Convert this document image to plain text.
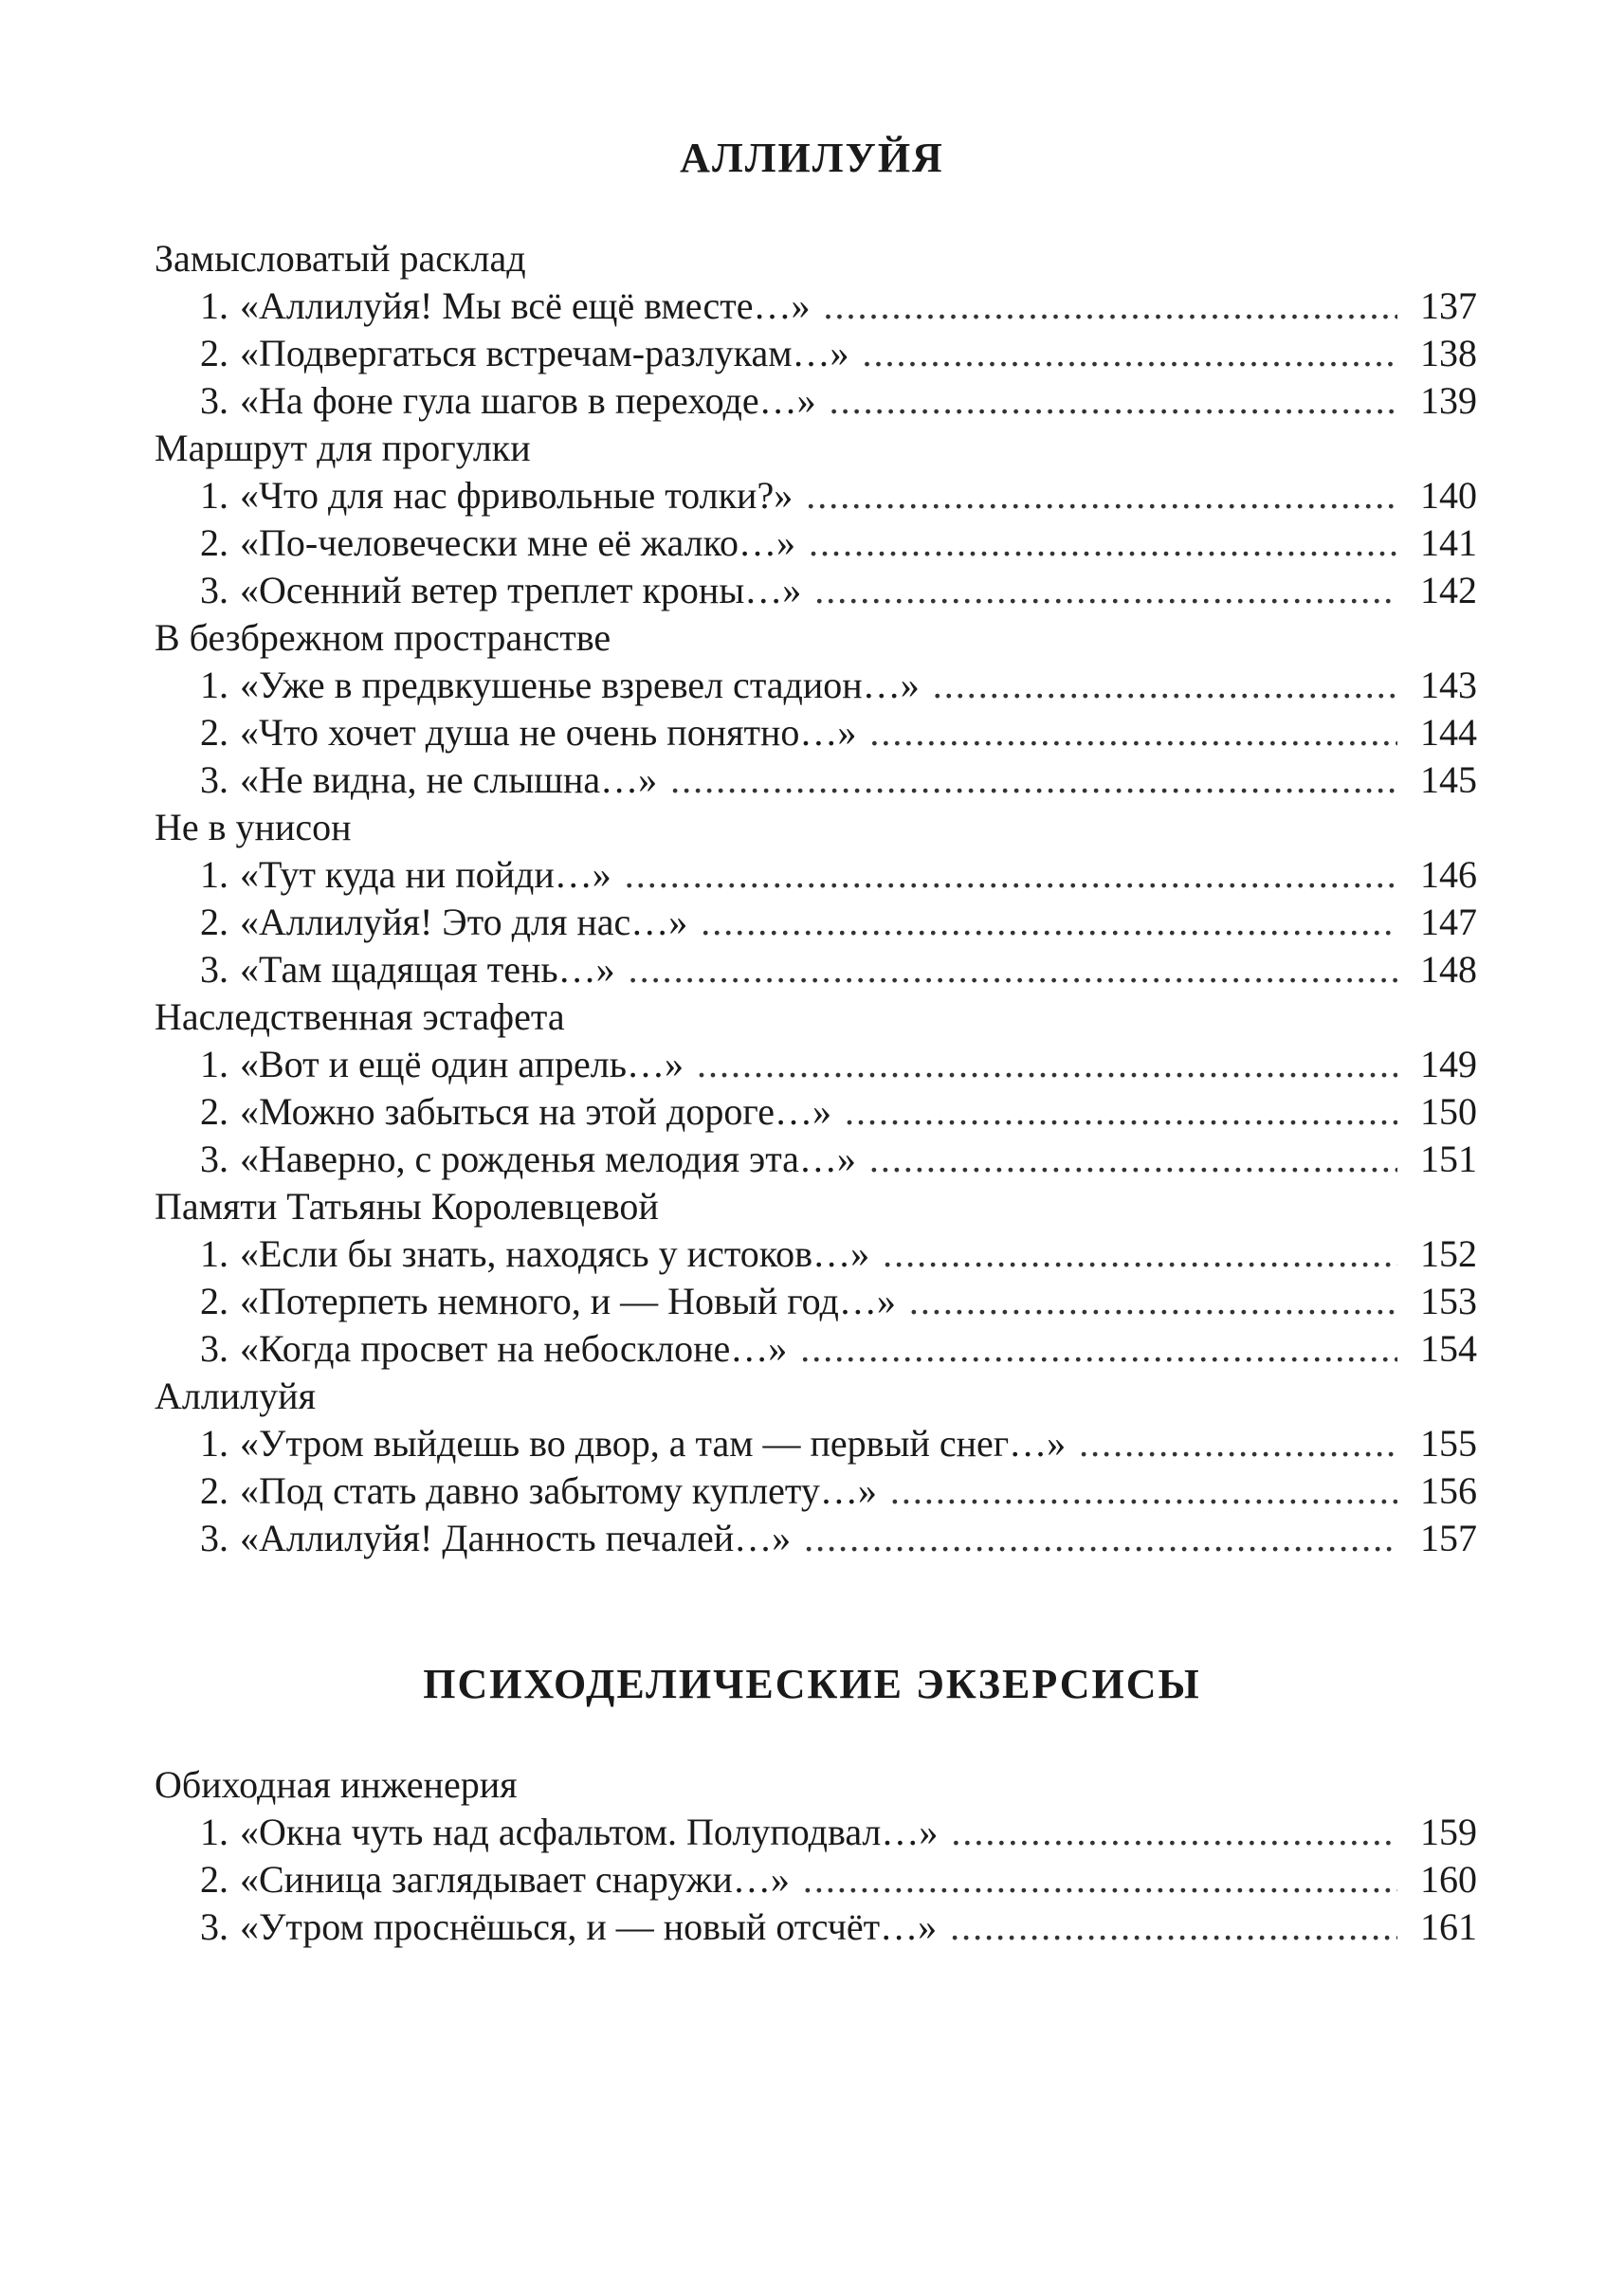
АЛЛИЛУЙЯ
Замысловатый расклад
1. «Аллилуйя! Мы всё ещё вместе…» .....	137
2. «Подвергаться встречам-разлукам…» .....	138
3. «На фоне гула шагов в переходе…» .....	139
Маршрут для прогулки
1. «Что для нас фривольные толки?» .....	140
2. «По-человечески мне её жалко…» .....	141
3. «Осенний ветер треплет кроны…» .....	142
В безбрежном пространстве
1. «Уже в предвкушенье взревел стадион…» .....	143
2. «Что хочет душа не очень понятно…» .....	144
3. «Не видна, не слышна…» .....	145
Не в унисон
1. «Тут куда ни пойди…» .....	146
2. «Аллилуйя! Это для нас…» .....	147
3. «Там щадящая тень…» .....	148
Наследственная эстафета
1. «Вот и ещё один апрель…» .....	149
2. «Можно забыться на этой дороге…» .....	150
3. «Наверно, с рожденья мелодия эта…» .....	151
Памяти Татьяны Королевцевой
1. «Если бы знать, находясь у истоков…» .....	152
2. «Потерпеть немного, и — Новый год…» .....	153
3. «Когда просвет на небосклоне…» .....	154
Аллилуйя
1. «Утром выйдешь во двор, а там — первый снег…» .....	155
2. «Под стать давно забытому куплету…» .....	156
3. «Аллилуйя! Данность печалей…» .....	157
ПСИХОДЕЛИЧЕСКИЕ ЭКЗЕРСИСЫ
Обиходная инженерия
1. «Окна чуть над асфальтом. Полуподвал…» .....	159
2. «Синица заглядывает снаружи…» .....	160
3. «Утром проснёшься, и — новый отсчёт…» .....	161
